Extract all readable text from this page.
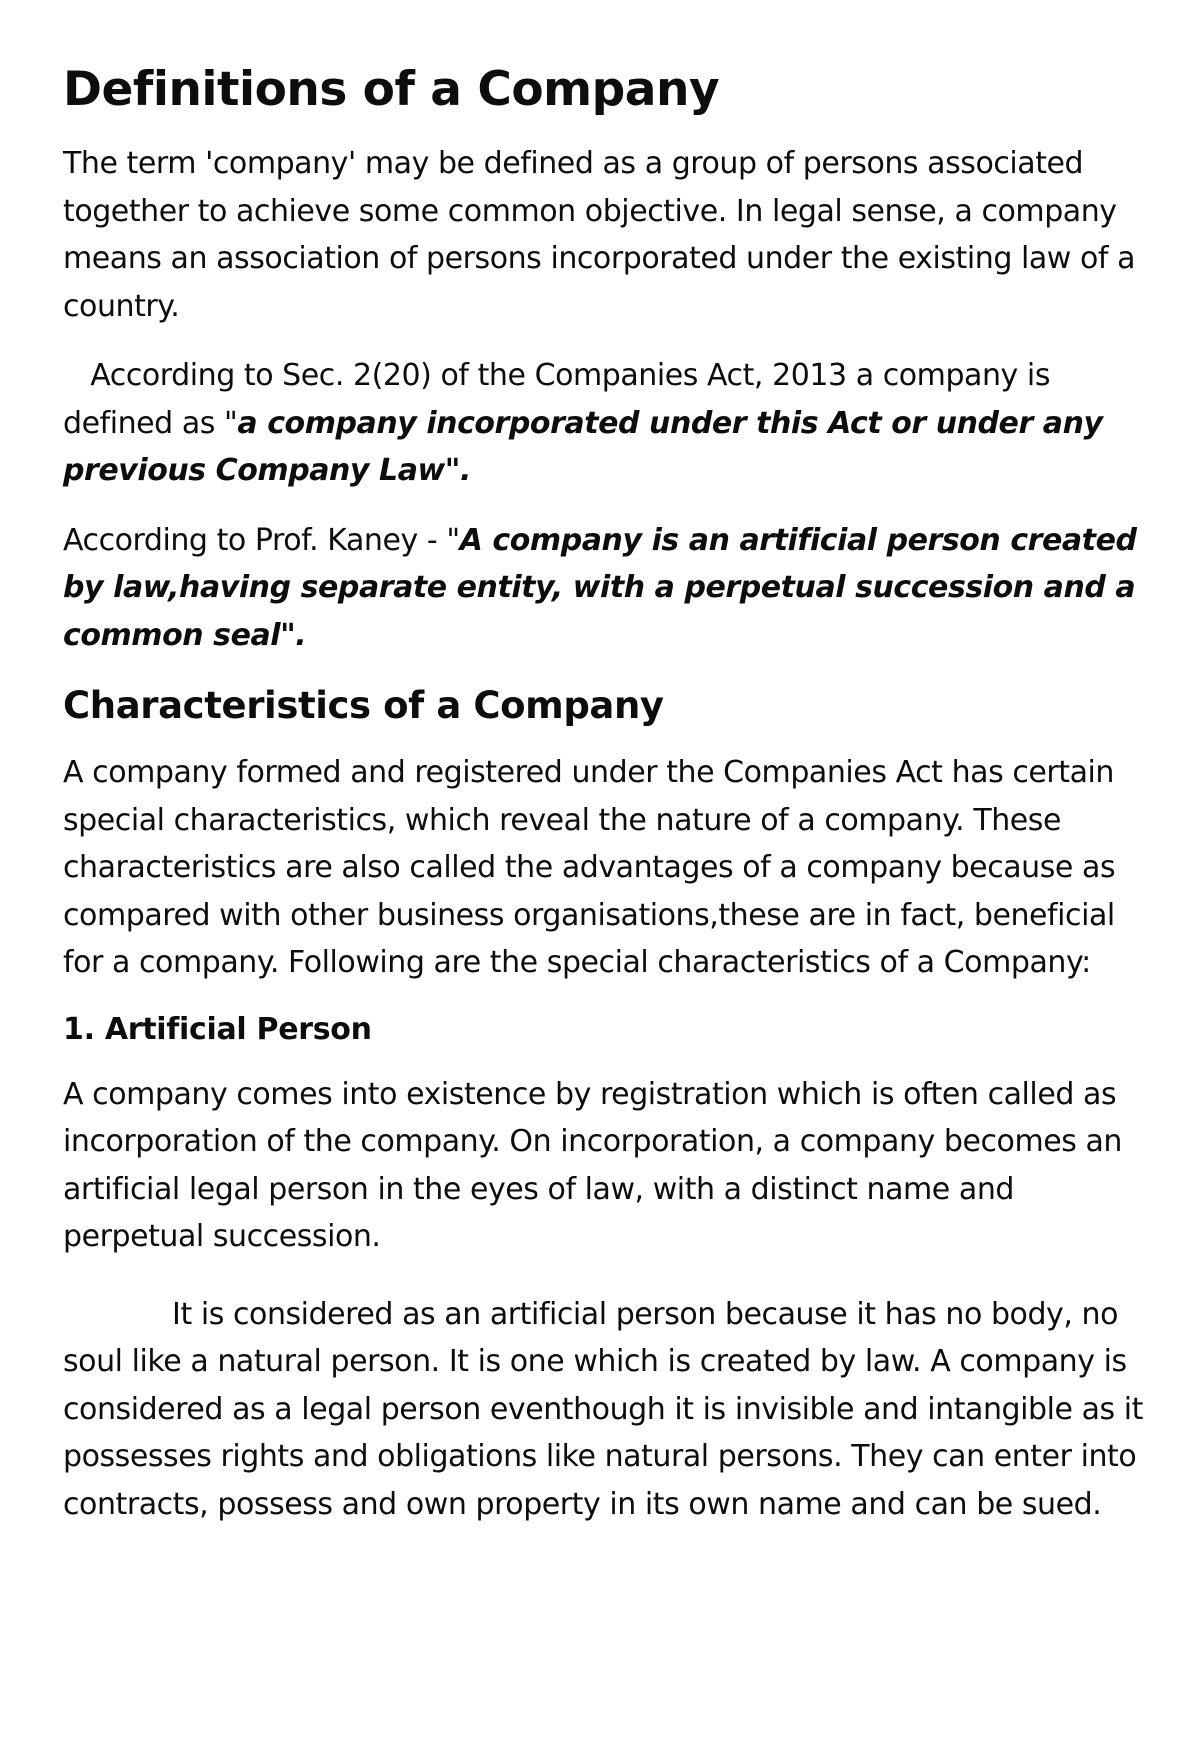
Definitions of a Company

The term 'company' may be defined as a group of persons associated together to achieve some common objective. In legal sense, a company means an association of persons incorporated under the existing law of a country.

According to Sec. 2(20) of the Companies Act, 2013 a company is defined as "a company incorporated under this Act or under any previous Company Law".

According to Prof. Kaney - "A company is an artificial person created by law,having separate entity, with a perpetual succession and a common seal".

Characteristics of a Company

A company formed and registered under the Companies Act has certain special characteristics, which reveal the nature of a company. These characteristics are also called the advantages of a company because as compared with other business organisations,these are in fact, beneficial for a company. Following are the special characteristics of a Company:

1. Artificial Person

A company comes into existence by registration which is often called as incorporation of the company. On incorporation, a company becomes an artificial legal person in the eyes of law, with a distinct name and perpetual succession.

It is considered as an artificial person because it has no body, no soul like a natural person. It is one which is created by law. A company is considered as a legal person eventhough it is invisible and intangible as it possesses rights and obligations like natural persons. They can enter into contracts, possess and own property in its own name and can be sued.
